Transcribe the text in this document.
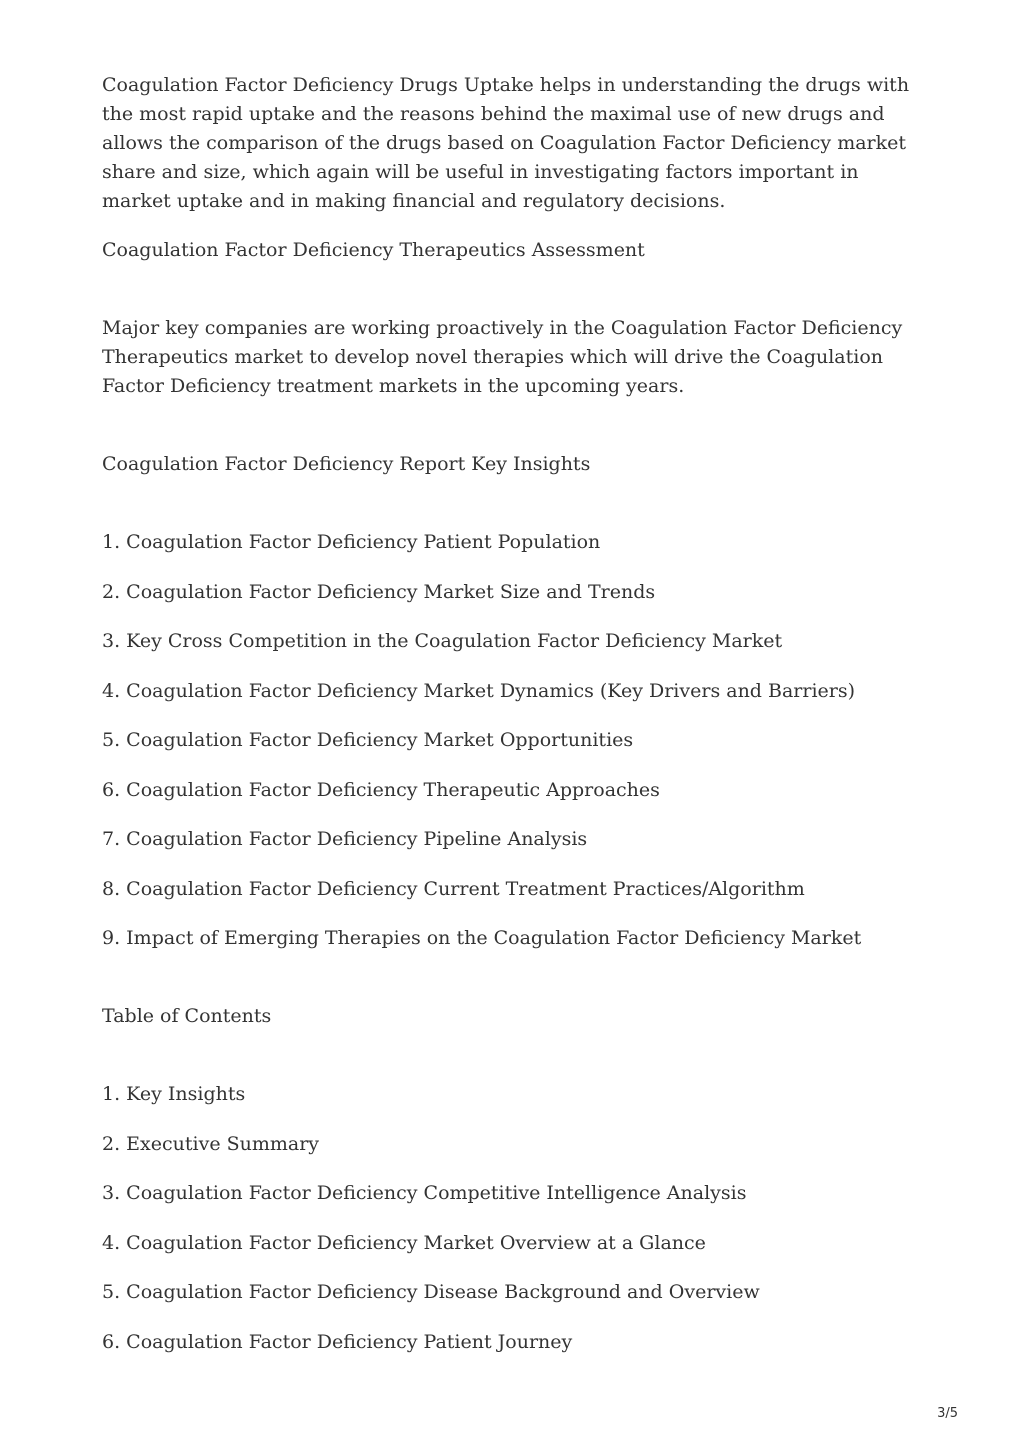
Coagulation Factor Deficiency Drugs Uptake helps in understanding the drugs with the most rapid uptake and the reasons behind the maximal use of new drugs and allows the comparison of the drugs based on Coagulation Factor Deficiency market share and size, which again will be useful in investigating factors important in market uptake and in making financial and regulatory decisions.

Coagulation Factor Deficiency Therapeutics Assessment

Major key companies are working proactively in the Coagulation Factor Deficiency Therapeutics market to develop novel therapies which will drive the Coagulation Factor Deficiency treatment markets in the upcoming years.

Coagulation Factor Deficiency Report Key Insights

1. Coagulation Factor Deficiency Patient Population

2. Coagulation Factor Deficiency Market Size and Trends

3. Key Cross Competition in the Coagulation Factor Deficiency Market

4. Coagulation Factor Deficiency Market Dynamics (Key Drivers and Barriers)

5. Coagulation Factor Deficiency Market Opportunities

6. Coagulation Factor Deficiency Therapeutic Approaches

7. Coagulation Factor Deficiency Pipeline Analysis

8. Coagulation Factor Deficiency Current Treatment Practices/Algorithm

9. Impact of Emerging Therapies on the Coagulation Factor Deficiency Market

Table of Contents

1. Key Insights

2. Executive Summary

3. Coagulation Factor Deficiency Competitive Intelligence Analysis

4. Coagulation Factor Deficiency Market Overview at a Glance

5. Coagulation Factor Deficiency Disease Background and Overview

6. Coagulation Factor Deficiency Patient Journey

3/5
